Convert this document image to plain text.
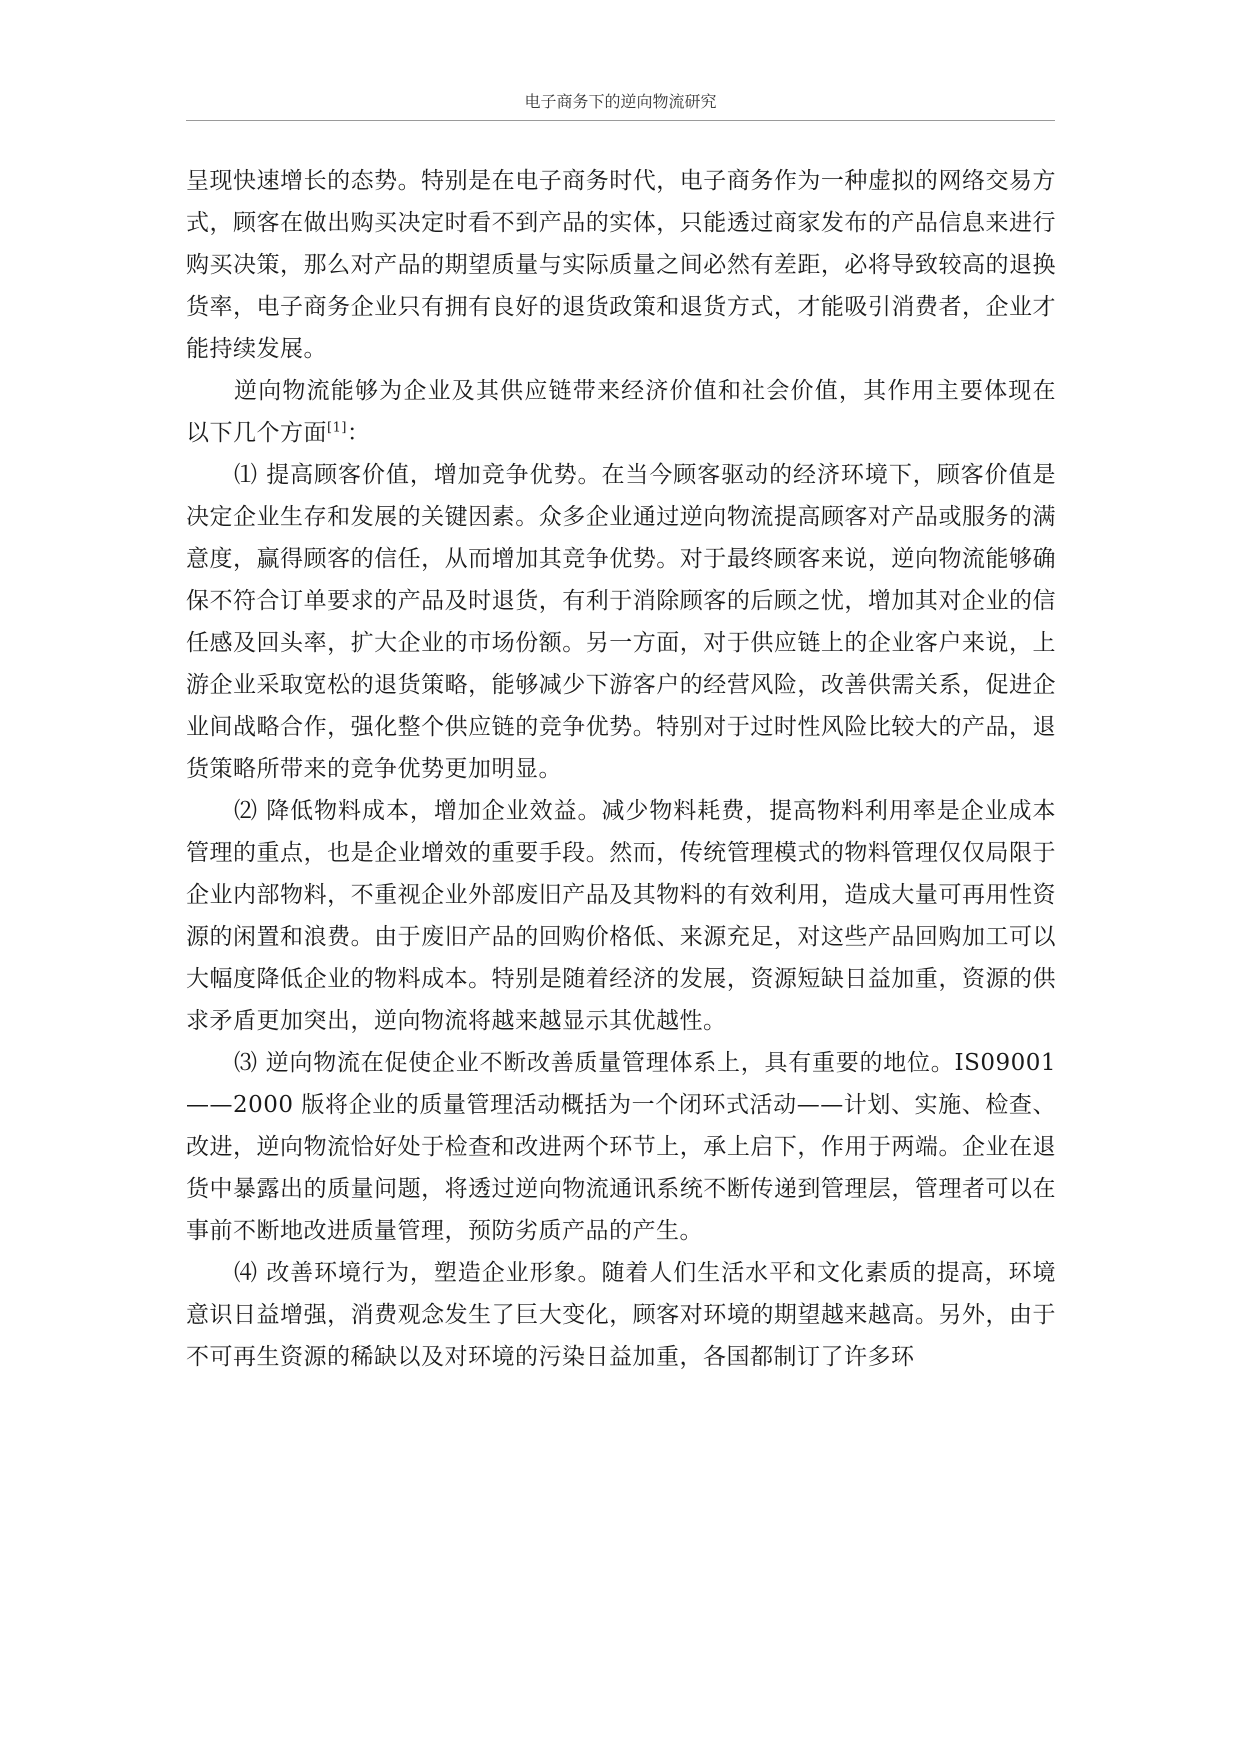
电子商务下的逆向物流研究

呈现快速增长的态势。特别是在电子商务时代，电子商务作为一种虚拟的网络交易方式，顾客在做出购买决定时看不到产品的实体，只能透过商家发布的产品信息来进行购买决策，那么对产品的期望质量与实际质量之间必然有差距，必将导致较高的退换货率，电子商务企业只有拥有良好的退货政策和退货方式，才能吸引消费者，企业才能持续发展。

逆向物流能够为企业及其供应链带来经济价值和社会价值，其作用主要体现在以下几个方面[1]：

⑴ 提高顾客价值，增加竞争优势。在当今顾客驱动的经济环境下，顾客价值是决定企业生存和发展的关键因素。众多企业通过逆向物流提高顾客对产品或服务的满意度，赢得顾客的信任，从而增加其竞争优势。对于最终顾客来说，逆向物流能够确保不符合订单要求的产品及时退货，有利于消除顾客的后顾之忧，增加其对企业的信任感及回头率，扩大企业的市场份额。另一方面，对于供应链上的企业客户来说，上游企业采取宽松的退货策略，能够减少下游客户的经营风险，改善供需关系，促进企业间战略合作，强化整个供应链的竞争优势。特别对于过时性风险比较大的产品，退货策略所带来的竞争优势更加明显。

⑵ 降低物料成本，增加企业效益。减少物料耗费，提高物料利用率是企业成本管理的重点，也是企业增效的重要手段。然而，传统管理模式的物料管理仅仅局限于企业内部物料，不重视企业外部废旧产品及其物料的有效利用，造成大量可再用性资源的闲置和浪费。由于废旧产品的回购价格低、来源充足，对这些产品回购加工可以大幅度降低企业的物料成本。特别是随着经济的发展，资源短缺日益加重，资源的供求矛盾更加突出，逆向物流将越来越显示其优越性。

⑶ 逆向物流在促使企业不断改善质量管理体系上，具有重要的地位。IS09001——2000 版将企业的质量管理活动概括为一个闭环式活动——计划、实施、检查、改进，逆向物流恰好处于检查和改进两个环节上，承上启下，作用于两端。企业在退货中暴露出的质量问题，将透过逆向物流通讯系统不断传递到管理层，管理者可以在事前不断地改进质量管理，预防劣质产品的产生。

⑷ 改善环境行为，塑造企业形象。随着人们生活水平和文化素质的提高，环境意识日益增强，消费观念发生了巨大变化，顾客对环境的期望越来越高。另外，由于不可再生资源的稀缺以及对环境的污染日益加重，各国都制订了许多环
